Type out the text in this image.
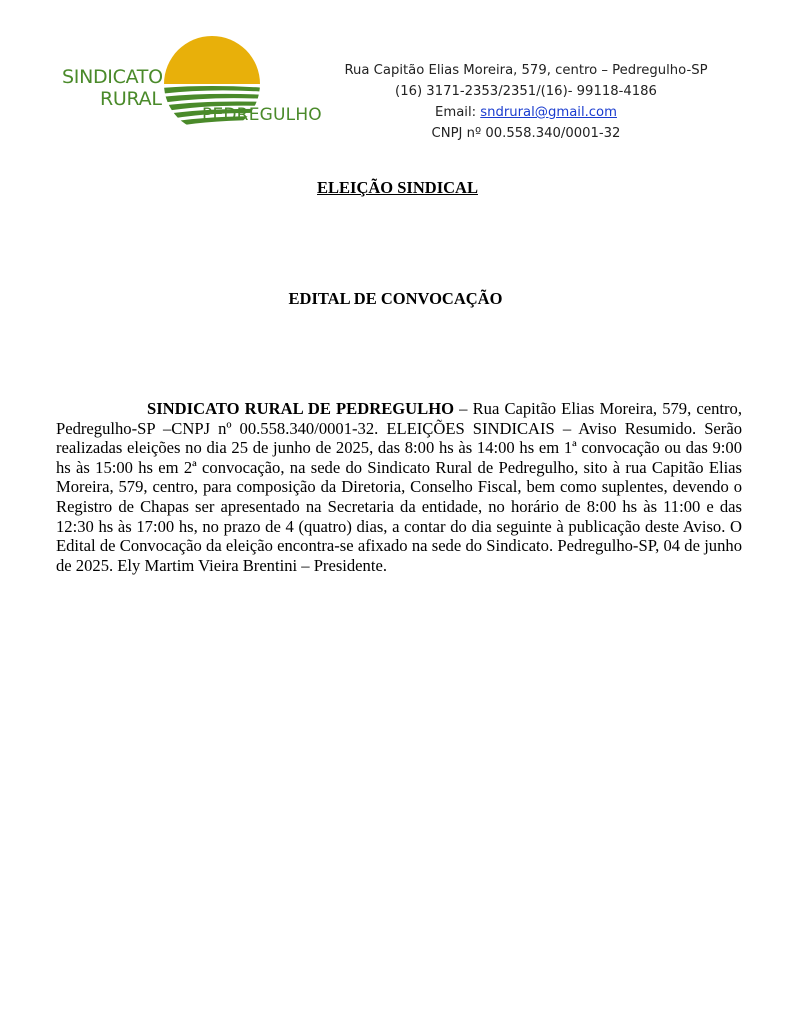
SINDICATO
RURAL
PEDREGULHO
Rua Capitão Elias Moreira, 579, centro – Pedregulho-SP
(16) 3171-2353/2351/(16)- 99118-4186
Email: sndrural@gmail.com
CNPJ nº 00.558.340/0001-32
ELEIÇÃO SINDICAL
EDITAL DE CONVOCAÇÃO
SINDICATO RURAL DE PEDREGULHO – Rua Capitão Elias Moreira, 579, centro, Pedregulho-SP –CNPJ nº 00.558.340/0001-32. ELEIÇÕES SINDICAIS – Aviso Resumido. Serão realizadas eleições no dia 25 de junho de 2025, das 8:00 hs às 14:00 hs em 1ª convocação ou das 9:00 hs às 15:00 hs em 2ª convocação, na sede do Sindicato Rural de Pedregulho, sito à rua Capitão Elias Moreira, 579, centro, para composição da Diretoria, Conselho Fiscal, bem como suplentes, devendo o Registro de Chapas ser apresentado na Secretaria da entidade, no horário de 8:00 hs às 11:00 e das 12:30 hs às 17:00 hs, no prazo de 4 (quatro) dias, a contar do dia seguinte à publicação deste Aviso. O Edital de Convocação da eleição encontra-se afixado na sede do Sindicato. Pedregulho-SP, 04 de junho de 2025. Ely Martim Vieira Brentini – Presidente.
